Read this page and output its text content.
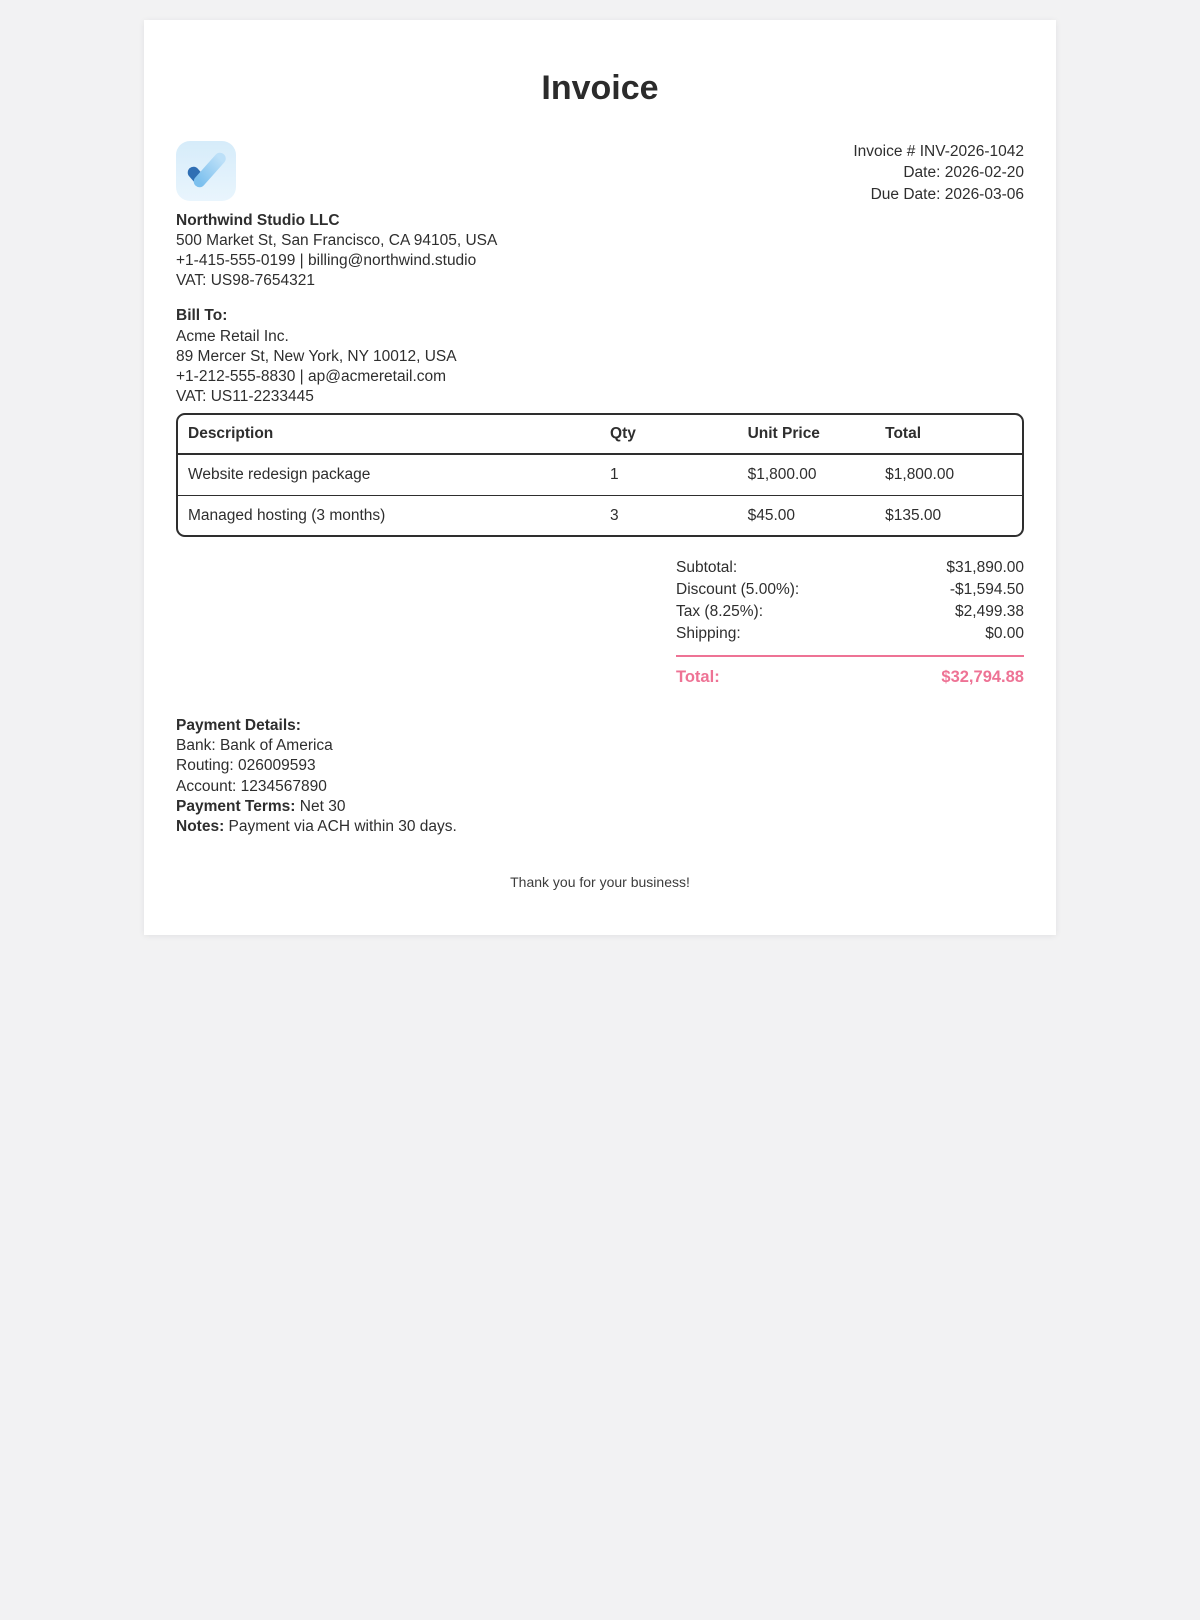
Invoice
Northwind Studio LLC
500 Market St, San Francisco, CA 94105, USA
+1-415-555-0199 | billing@northwind.studio
VAT: US98-7654321
Invoice # INV-2026-1042
Date: 2026-02-20
Due Date: 2026-03-06
Bill To:
Acme Retail Inc.
89 Mercer St, New York, NY 10012, USA
+1-212-555-8830 | ap@acmeretail.com
VAT: US11-2233445
Description	Qty	Unit Price	Total
Website redesign package	1	$1,800.00	$1,800.00
Managed hosting (3 months)	3	$45.00	$135.00
Subtotal:	$31,890.00
Discount (5.00%):	-$1,594.50
Tax (8.25%):	$2,499.38
Shipping:	$0.00
Total:	$32,794.88
Payment Details:
Bank: Bank of America
Routing: 026009593
Account: 1234567890
Payment Terms: Net 30
Notes: Payment via ACH within 30 days.
Thank you for your business!
